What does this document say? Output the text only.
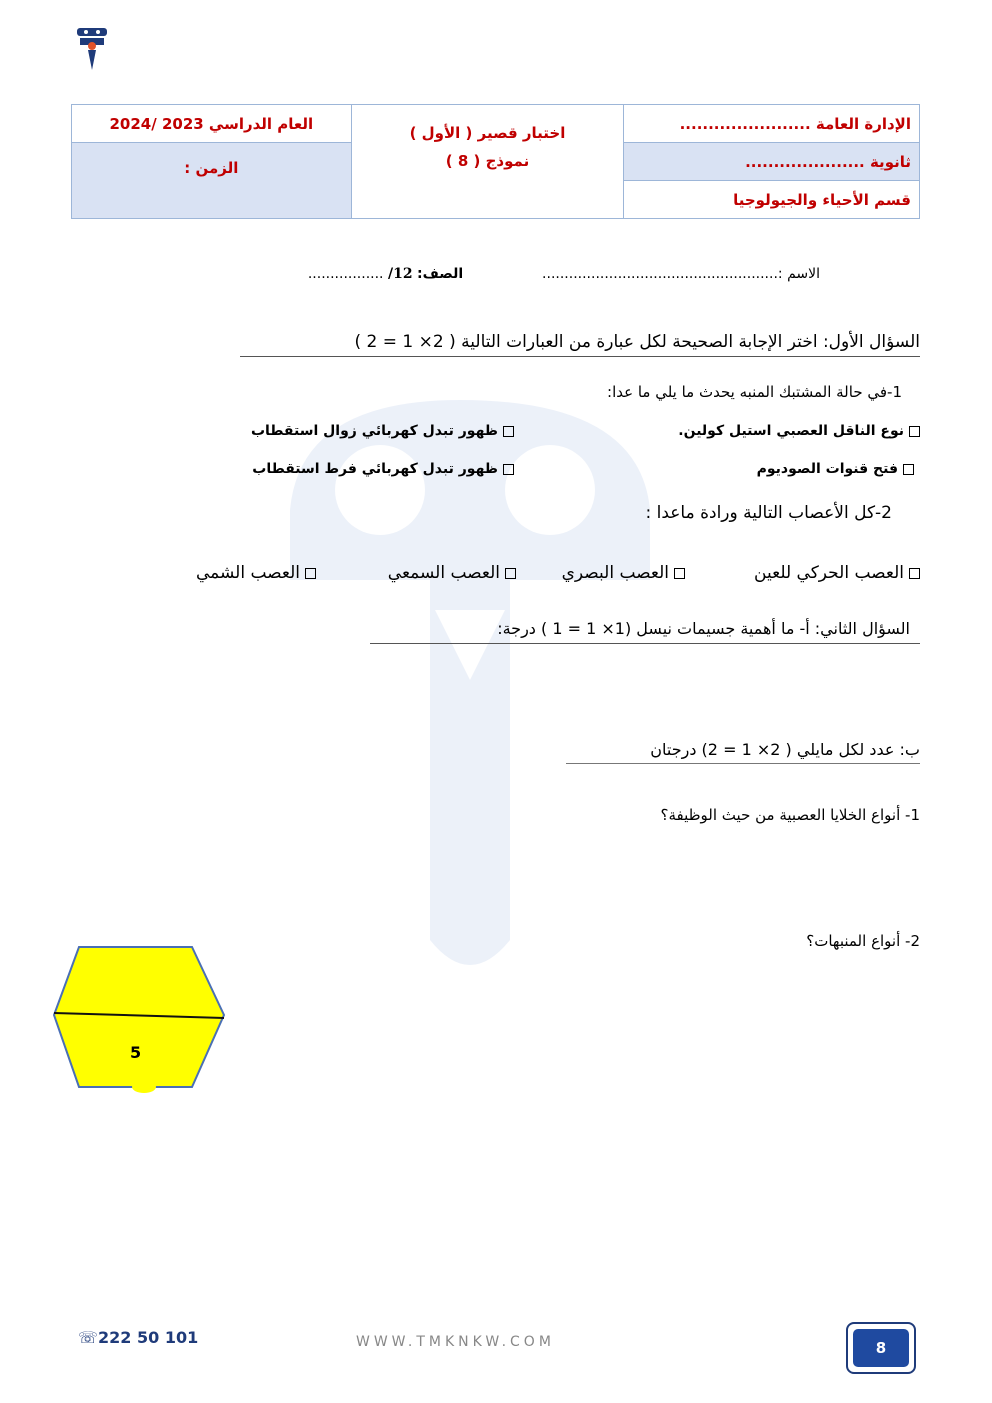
الإدارة العامة .......................	اختبار قصير ( الأول )
نموذج ( 8 )	العام الدراسي 2023 /2024
ثانوية .....................		الزمن :
قسم الأحياء والجيولوجيا		
الاسم :.....................................................  الصف: 12/ .................
السؤال الأول: اختر الإجابة الصحيحة لكل عبارة من العبارات التالية ( 2× 1 = 2 )
1-في حالة المشتبك المنبه يحدث ما يلي ما عدا:
نوع الناقل العصبي استيل كولين.
ظهور تبدل كهربائي زوال استقطاب
فتح قنوات الصوديوم
ظهور تبدل كهربائي فرط استقطاب
2-كل الأعصاب التالية ورادة ماعدا :
العصب الحركي للعين
العصب البصري
العصب السمعي
العصب الشمي
السؤال الثاني: أ- ما أهمية جسيمات نيسل (1× 1 = 1 ) درجة:
ب: عدد لكل مايلي ( 2× 1 = 2) درجتان
1- أنواع الخلايا العصبية من حيث الوظيفة؟
2- أنواع المنبهات؟
5
☏222 50 101	WWW.TMKNKW.COM	8
